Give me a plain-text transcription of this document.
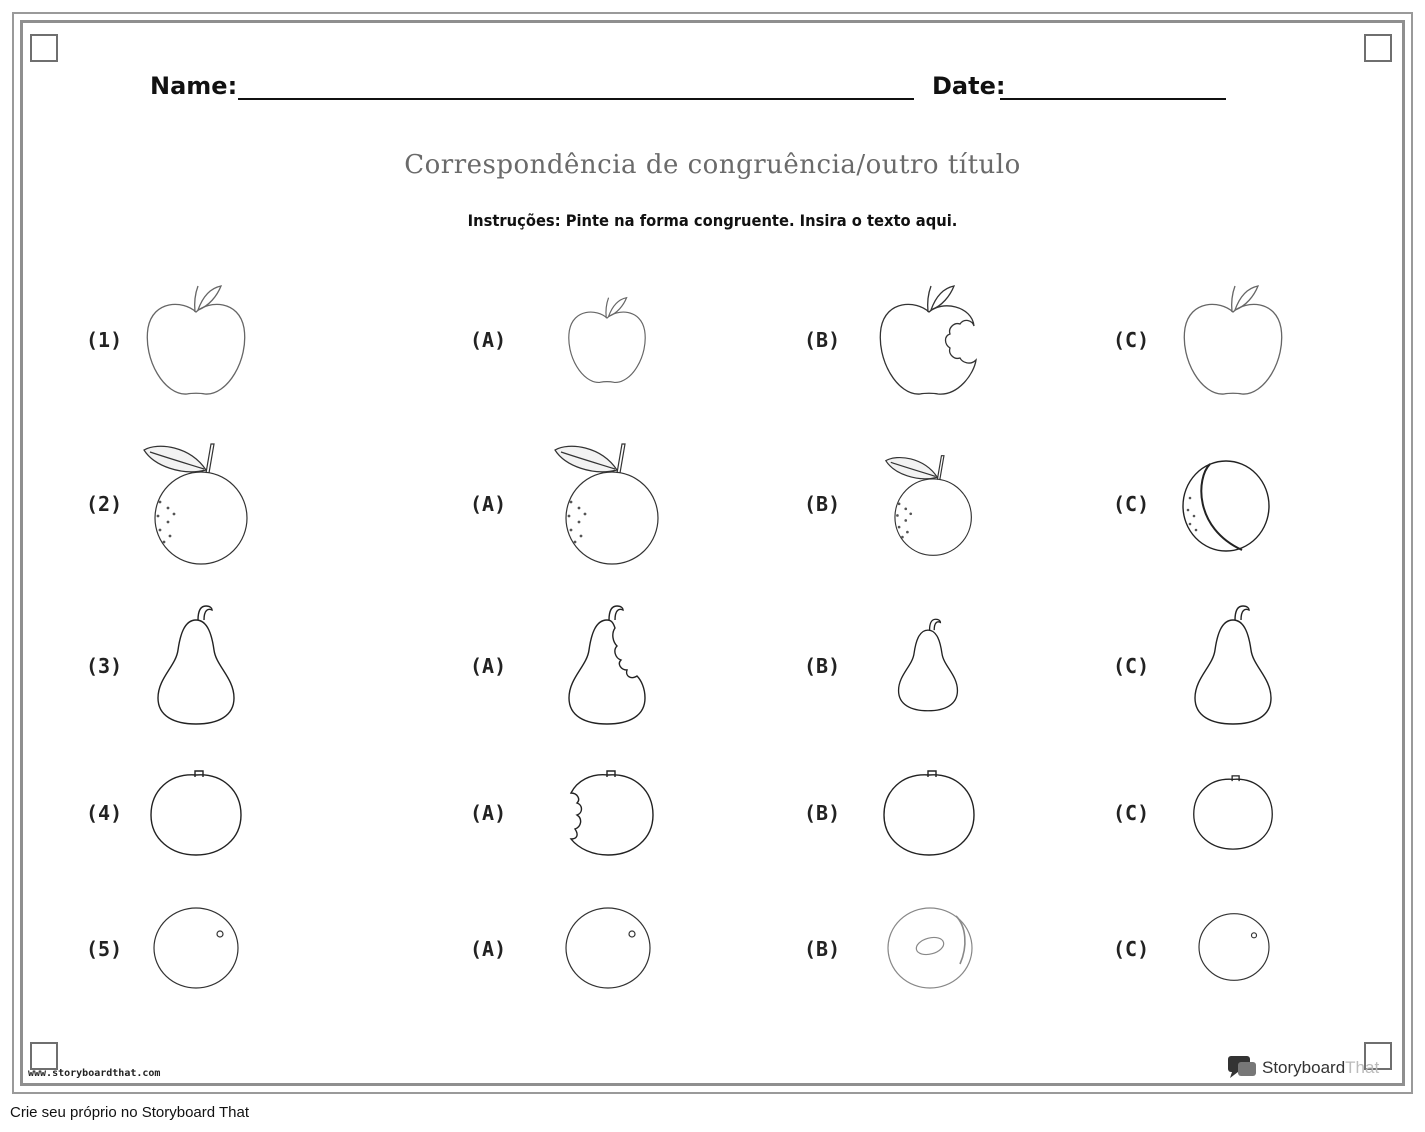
Name:	Date:
Correspondência de congruência/outro título
Instruções: Pinte na forma congruente. Insira o texto aqui.
(1)	(A)	(B)	(C)
(2)	(A)	(B)	(C)
(3)	(A)	(B)	(C)
(4)	(A)	(B)	(C)
(5)	(A)	(B)	(C)
www.storyboardthat.com	StoryboardThat
Crie seu próprio no Storyboard That
